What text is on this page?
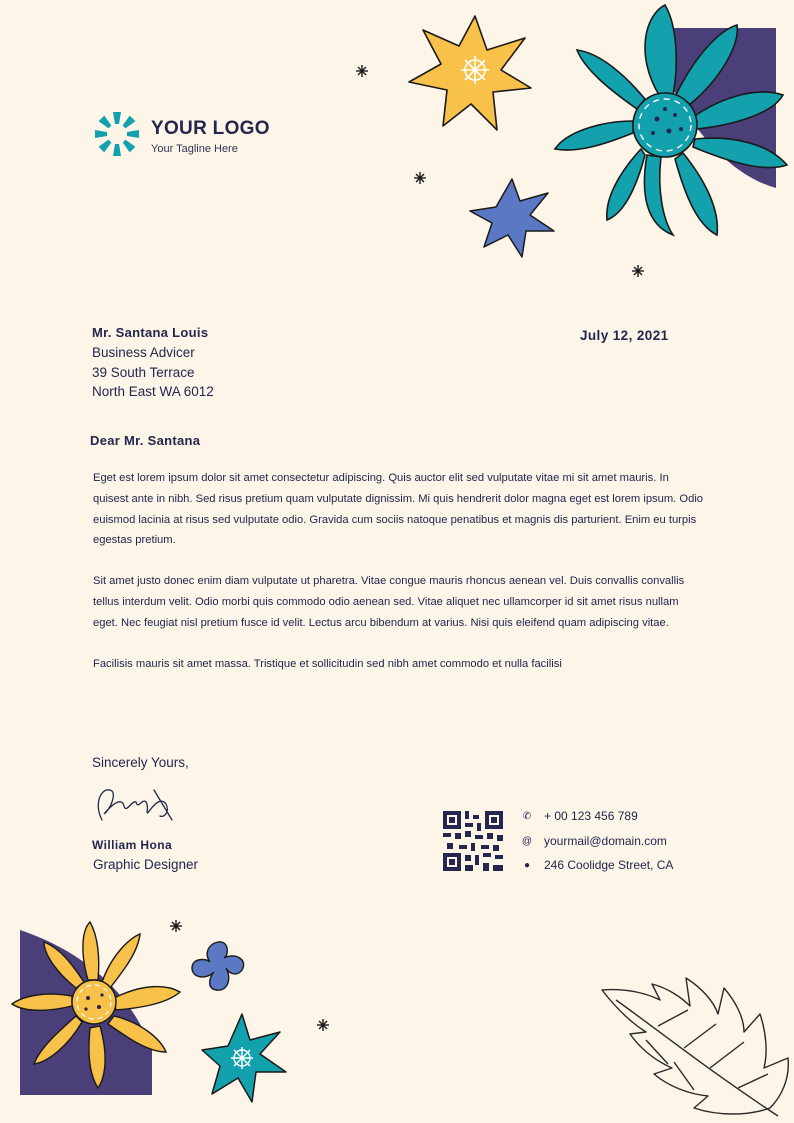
YOUR LOGO
Your Tagline Here
Mr. Santana Louis
Business Advicer
39 South Terrace
North East WA 6012
July 12, 2021
Dear Mr. Santana

Eget est lorem ipsum dolor sit amet consectetur adipiscing. Quis auctor elit sed vulputate vitae mi sit amet mauris. In quisest ante in nibh. Sed risus pretium quam vulputate dignissim. Mi quis hendrerit dolor magna eget est lorem ipsum. Odio euismod lacinia at risus sed vulputate odio. Gravida cum sociis natoque penatibus et magnis dis parturient. Enim eu turpis egestas pretium.

Sit amet justo donec enim diam vulputate ut pharetra. Vitae congue mauris rhoncus aenean vel. Duis convallis convallis tellus interdum velit. Odio morbi quis commodo odio aenean sed. Vitae aliquet nec ullamcorper id sit amet risus nullam eget. Nec feugiat nisl pretium fusce id velit. Lectus arcu bibendum at varius. Nisi quis eleifend quam adipiscing vitae.

Facilisis mauris sit amet massa. Tristique et sollicitudin sed nibh amet commodo et nulla facilisi

Sincerely Yours,
William Hona
Graphic Designer
✆ + 00 123 456 789
@ yourmail@domain.com
● 246 Coolidge Street, CA
